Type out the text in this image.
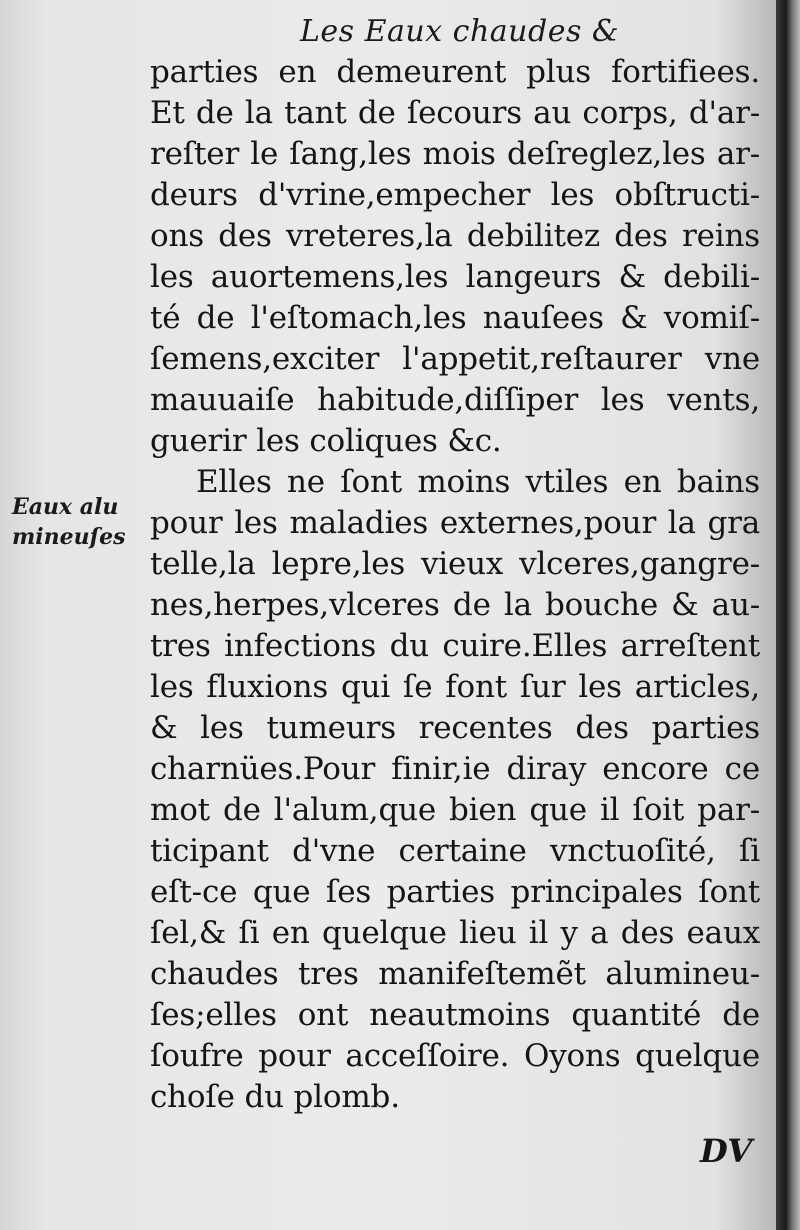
Les Eaux chaudes &
Eaux alu
mineuſes
parties en demeurent plus fortifiees.
Et de la tant de ſecours au corps, d'ar-
reſter le ſang,les mois deſreglez,les ar-
deurs d'vrine,empecher les obſtructi-
ons des vreteres,la debilitez des reins
les auortemens,les langeurs & debili-
té de l'eſtomach,les nauſees & vomiſ-
ſemens,exciter l'appetit,reſtaurer vne
mauuaiſe habitude,diſſiper les vents,
guerir les coliques &c.
Elles ne ſont moins vtiles en bains
pour les maladies externes,pour la gra
telle,la lepre,les vieux vlceres,gangre-
nes,herpes,vlceres de la bouche & au-
tres infections du cuire.Elles arreſtent
les fluxions qui ſe font ſur les articles,
& les tumeurs recentes des parties
charnües.Pour finir,ie diray encore ce
mot de l'alum,que bien que il ſoit par-
ticipant d'vne certaine vnctuoſité, ſi
eſt-ce que ſes parties principales ſont
ſel,& ſi en quelque lieu il y a des eaux
chaudes tres manifeſtemẽt alumineu-
ſes;elles ont neautmoins quantité de
ſoufre pour acceſſoire. Oyons quelque
choſe du plomb.
DV
